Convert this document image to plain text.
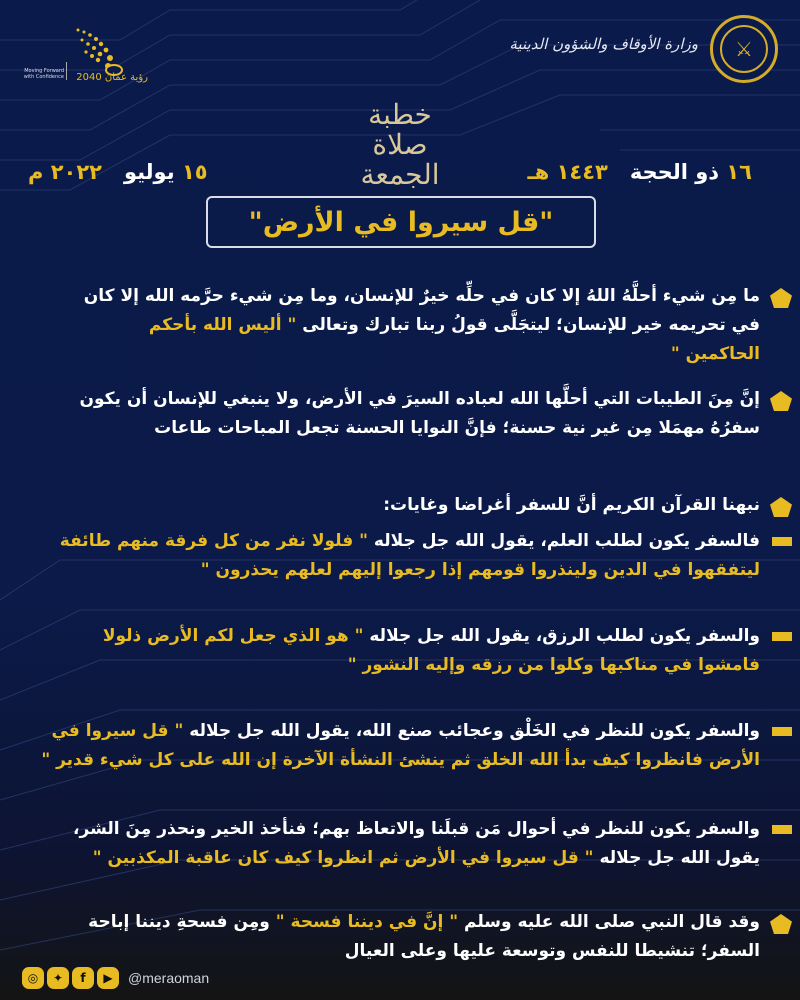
رؤية عمان 2040
Moving Forward
with Confidence
وزارة الأوقاف والشؤون الدينية	⚔
خطبة
صلاة
الجمعة	١٦ ذو الحجة   ١٤٤٣ هـ
١٥ يوليو   ٢٠٢٢ م
"قل سيروا في الأرض"
ما مِن شيء أحلَّهُ اللهُ إلا كان في حلِّه خيرٌ للإنسان، وما مِن شيء حرَّمه الله إلا كان في تحريمه خير للإنسان؛ ليتجَلَّى قولُ ربنا تبارك وتعالى " أليس الله بأحكم الحاكمين "
إنَّ مِنَ الطيبات التي أحلَّها الله لعباده السيرَ في الأرض، ولا ينبغي للإنسان أن يكون سفرُهُ مهمَلا مِن غير نية حسنة؛ فإنَّ النوايا الحسنة تجعل المباحات طاعات
نبهنا القرآن الكريم أنَّ للسفر أغراضا وغايات:
فالسفر يكون لطلب العلم، يقول الله جل جلاله " فلولا نفر من كل فرقة منهم طائفة ليتفقهوا في الدين ولينذروا قومهم إذا رجعوا إليهم لعلهم يحذرون "
والسفر يكون لطلب الرزق، يقول الله جل جلاله " هو الذي جعل لكم الأرض ذلولا فامشوا في مناكبها وكلوا من رزقه وإليه النشور "
والسفر يكون للنظر في الخَلْق وعجائب صنع الله، يقول الله جل جلاله " قل سيروا في الأرض فانظروا كيف بدأ الله الخلق ثم ينشئ النشأة الآخرة إن الله على كل شيء قدير "
والسفر يكون للنظر في أحوال مَن قبلَنا والاتعاظ بهم؛ فنأخذ الخير ونحذر مِنَ الشر، يقول الله جل جلاله " قل سيروا في الأرض ثم انظروا كيف كان عاقبة المكذبين "
وقد قال النبي صلى الله عليه وسلم " إنَّ في ديننا فسحة " ومِن فسحةِ ديننا إباحة السفر؛ تنشيطا للنفس وتوسعة عليها وعلى العيال
◎	✦	f	▶	@meraoman
